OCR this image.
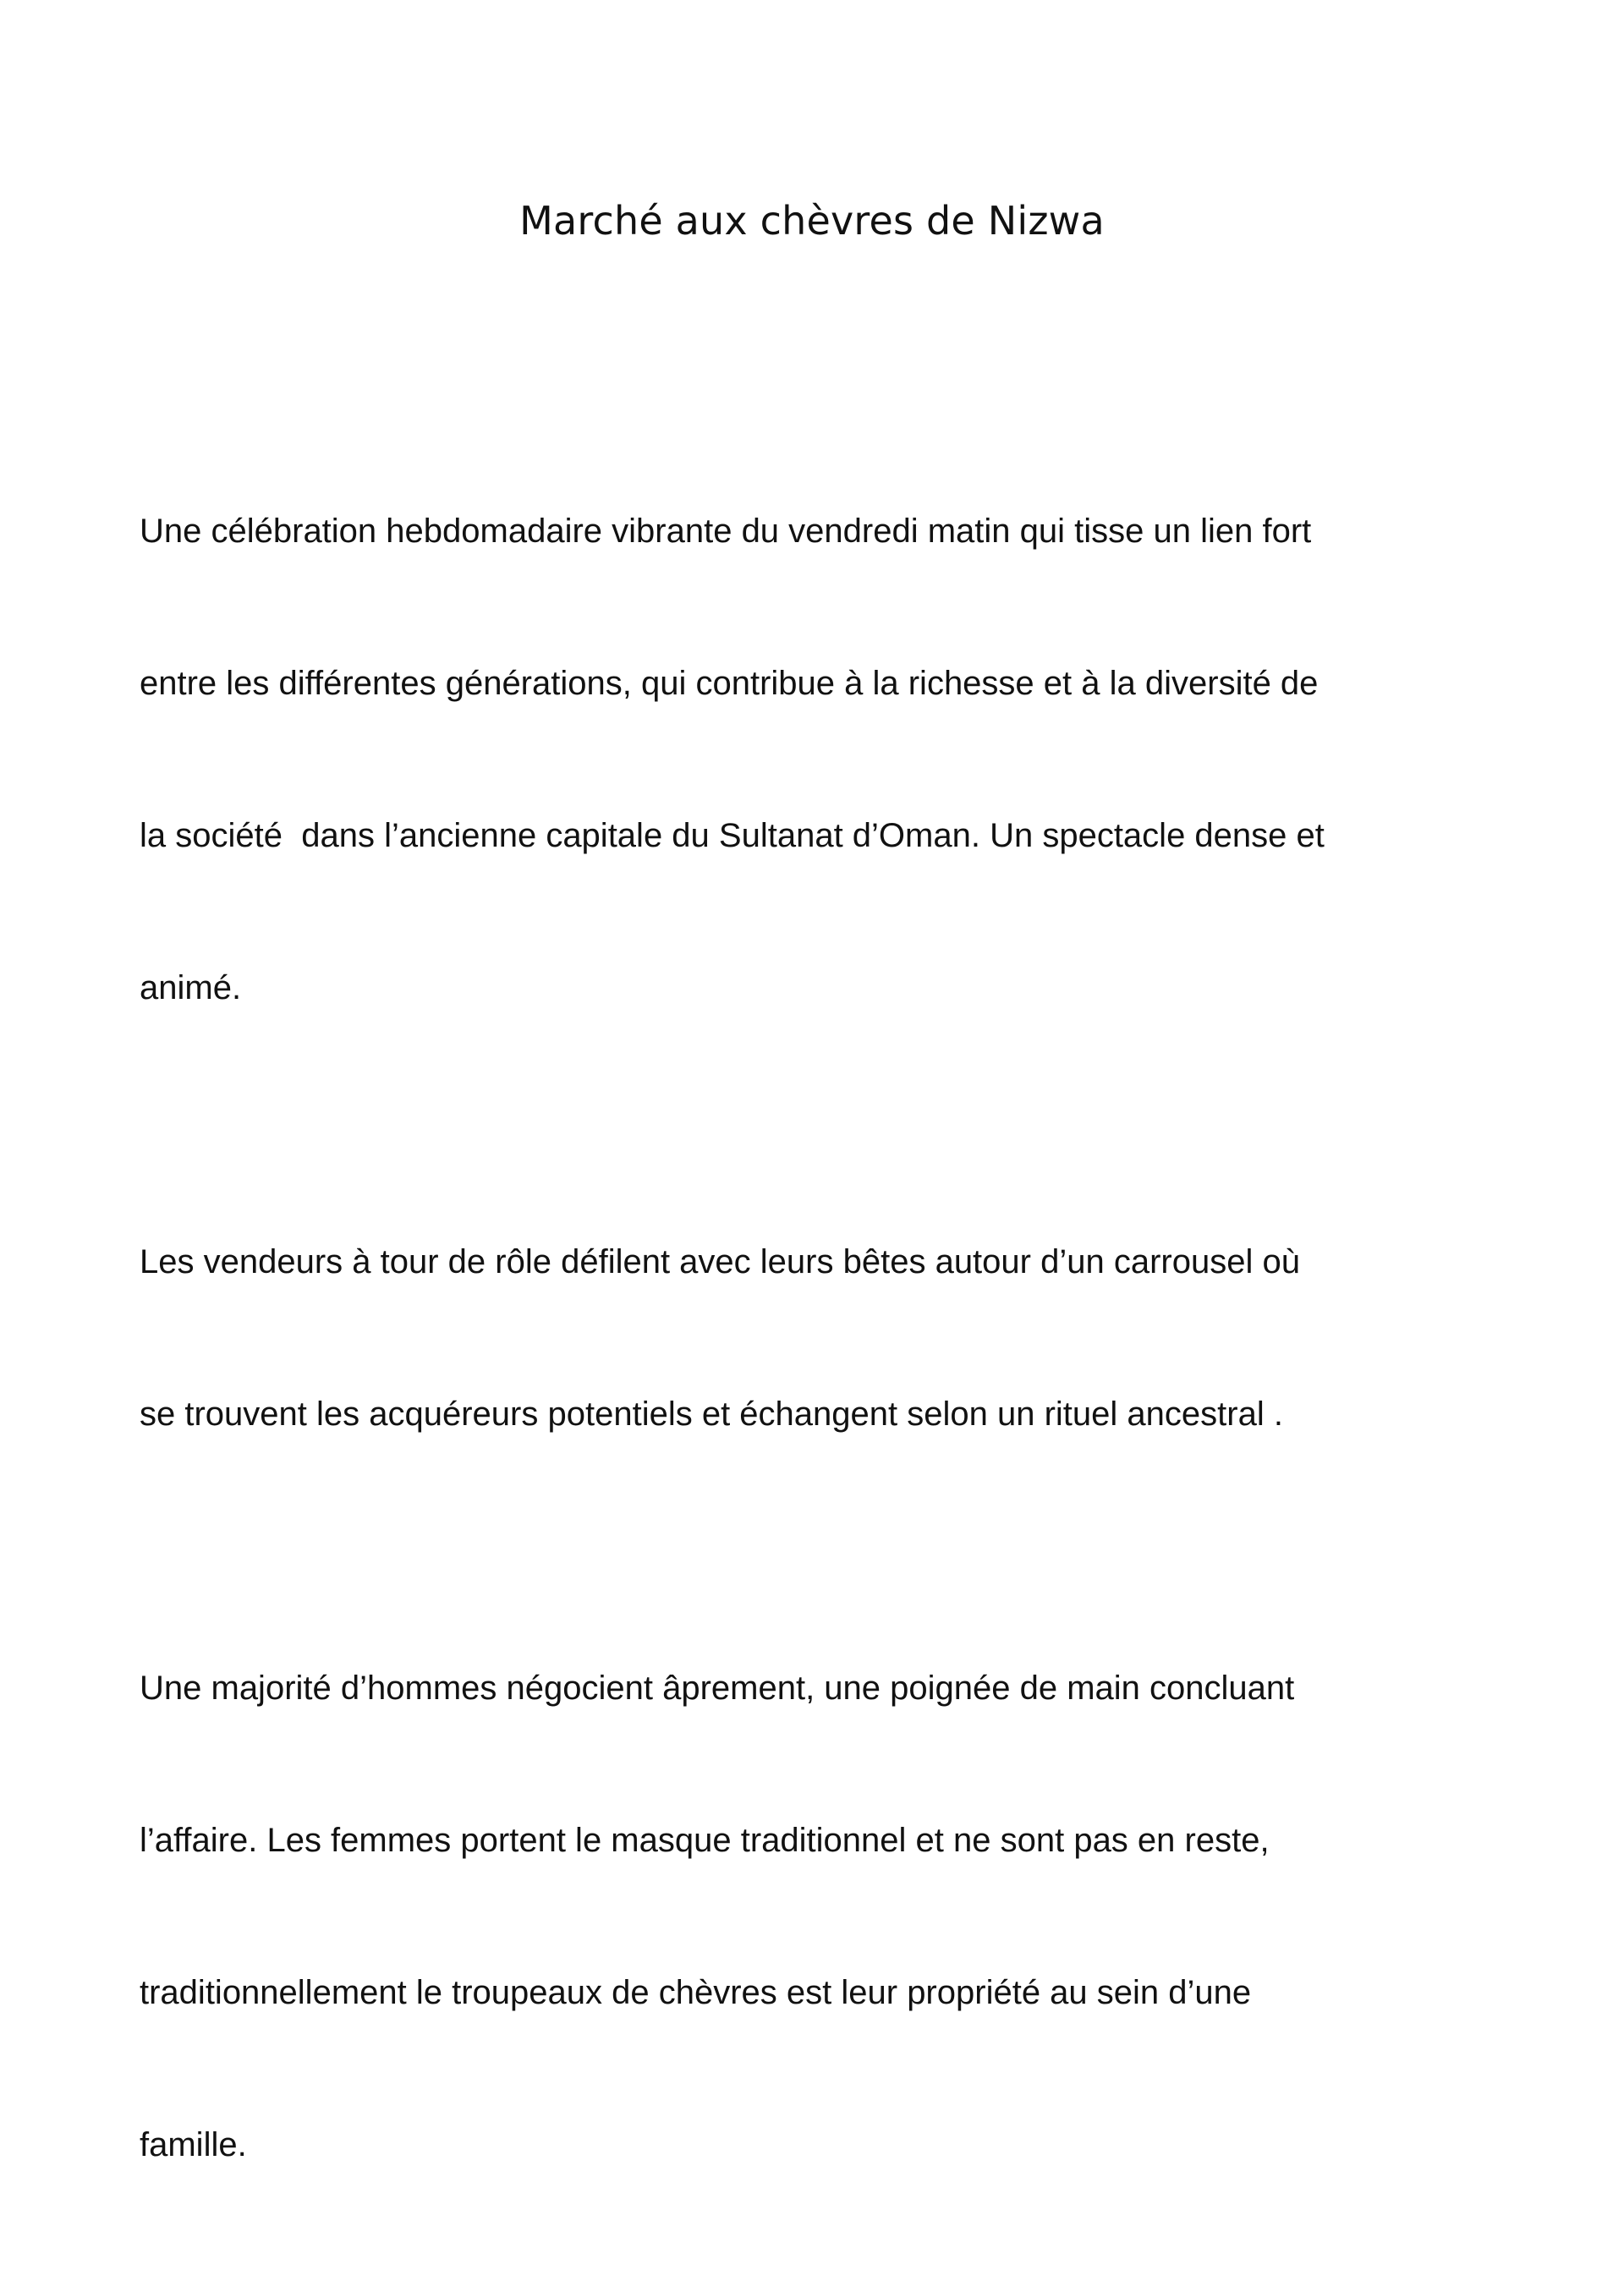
Marché aux chèvres de Nizwa

Une célébration hebdomadaire vibrante du vendredi matin qui tisse un lien fort

entre les différentes générations, qui contribue à la richesse et à la diversité de

la société  dans l’ancienne capitale du Sultanat d’Oman. Un spectacle dense et

animé.

Les vendeurs à tour de rôle défilent avec leurs bêtes autour d’un carrousel où

se trouvent les acquéreurs potentiels et échangent selon un rituel ancestral .

Une majorité d’hommes négocient âprement, une poignée de main concluant

l’affaire. Les femmes portent le masque traditionnel et ne sont pas en reste,

traditionnellement le troupeaux de chèvres est leur propriété au sein d’une

famille.
